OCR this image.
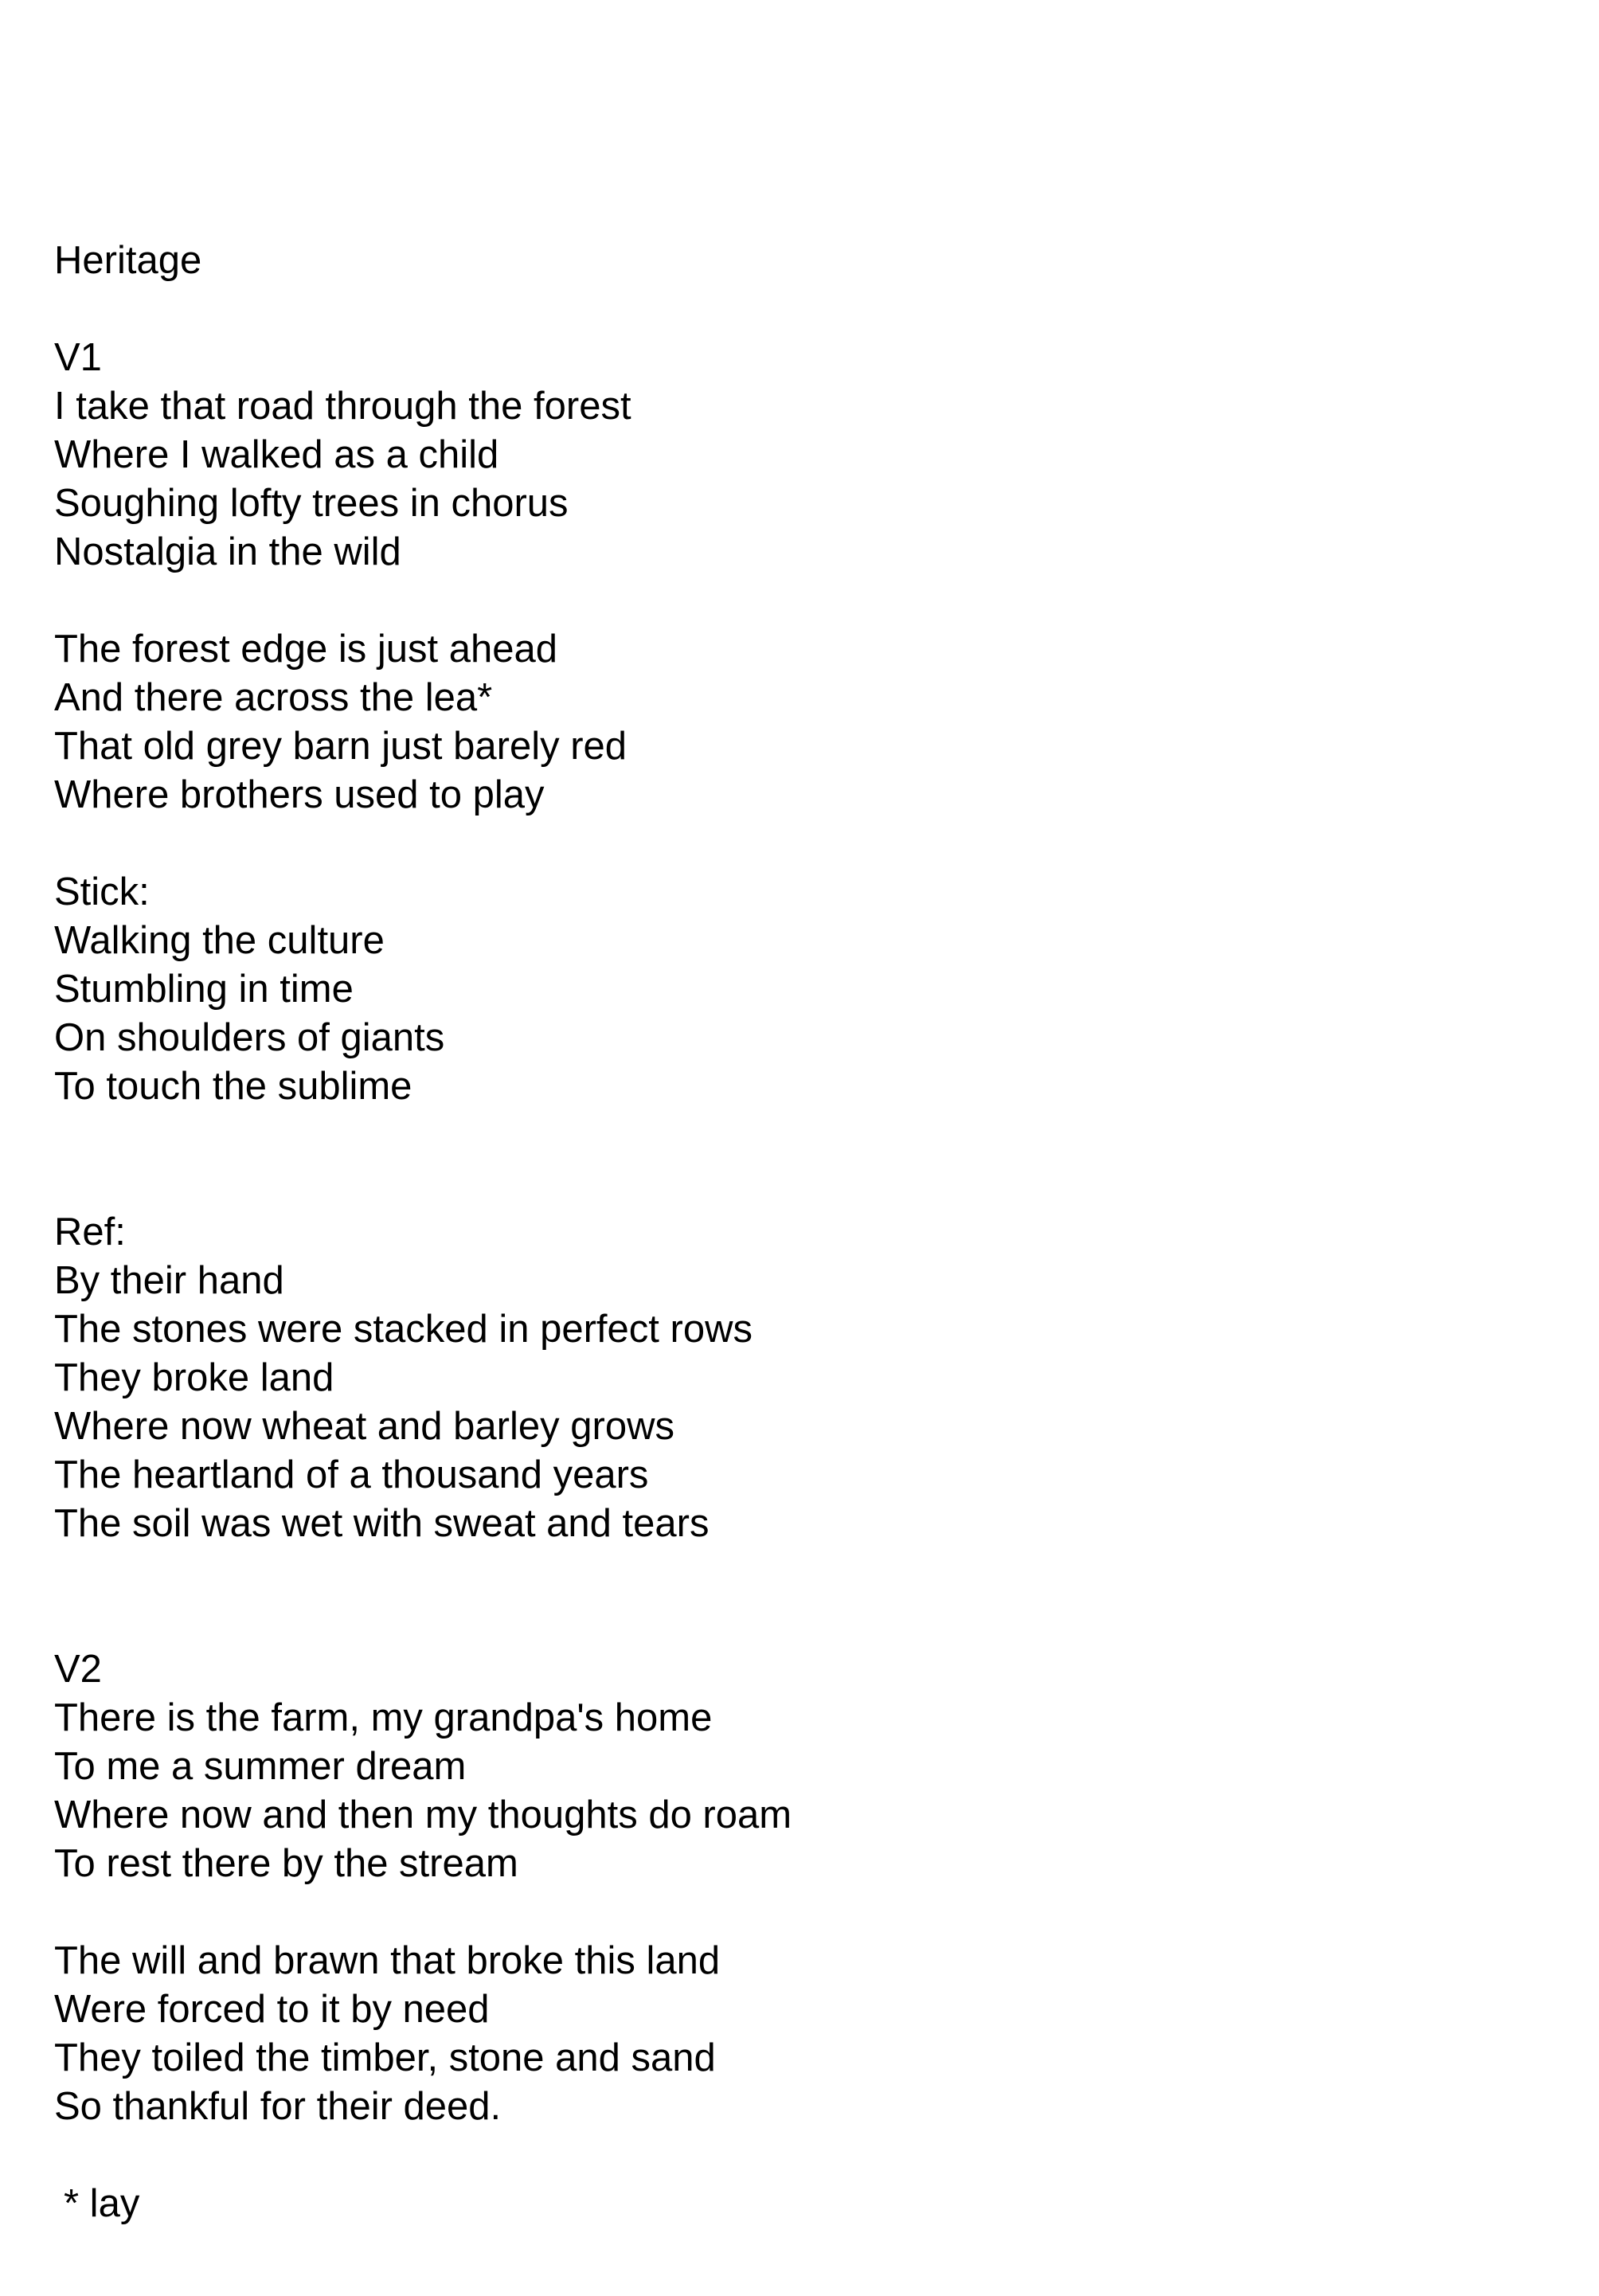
Heritage
V1
I take that road through the forest
Where I walked as a child
Soughing lofty trees in chorus
Nostalgia in the wild
The forest edge is just ahead
And there across the lea*
That old grey barn just barely red
Where brothers used to play
Stick:
Walking the culture
Stumbling in time
On shoulders of giants
To touch the sublime
Ref:
By their hand
The stones were stacked in perfect rows
They broke land
Where now wheat and barley grows
The heartland of a thousand years
The soil was wet with sweat and tears
V2
There is the farm, my grandpa's home
To me a summer dream
Where now and then my thoughts do roam
To rest there by the stream
The will and brawn that broke this land
Were forced to it by need
They toiled the timber, stone and sand
So thankful for their deed.
* lay
